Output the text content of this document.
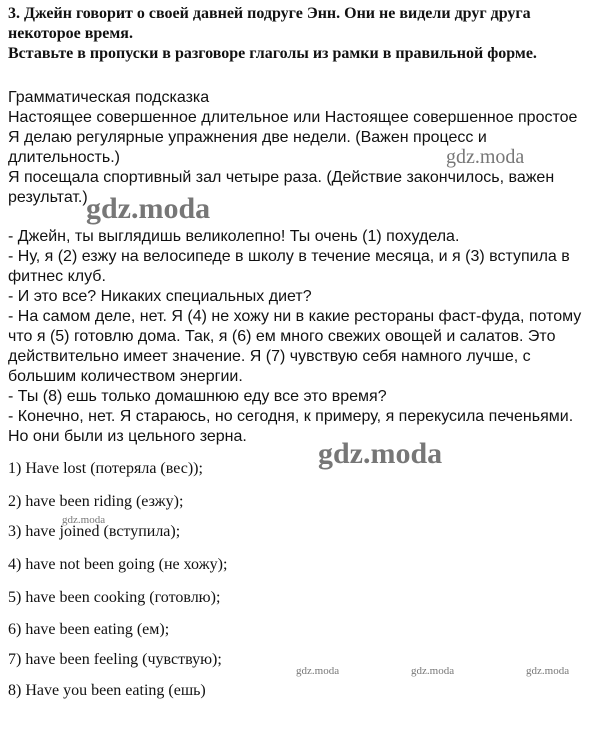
3. Джейн говорит о своей давней подруге Энн. Они не видели друг друга
некоторое время.
Вставьте в пропуски в разговоре глаголы из рамки в правильной форме.
Грамматическая подсказка
Настоящее совершенное длительное или Настоящее совершенное простое
Я делаю регулярные упражнения две недели. (Важен процесс и
длительность.)
Я посещала спортивный зал четыре раза. (Действие закончилось, важен
результат.)
- Джейн, ты выглядишь великолепно! Ты очень (1) похудела.
- Ну, я (2) езжу на велосипеде в школу в течение месяца, и я (3) вступила в
фитнес клуб.
- И это все? Никаких специальных диет?
- На самом деле, нет. Я (4) не хожу ни в какие рестораны фаст-фуда, потому
что я (5) готовлю дома. Так, я (6) ем много свежих овощей и салатов. Это
действительно имеет значение. Я (7) чувствую себя намного лучше, с
большим количеством энергии.
- Ты (8) ешь только домашнюю еду все это время?
- Конечно, нет. Я стараюсь, но сегодня, к примеру, я перекусила печеньями.
Но они были из цельного зерна.
1) Have lost (потеряла (вес));
2) have been riding (езжу);
3) have joined (вступила);
4) have not been going (не хожу);
5) have been cooking (готовлю);
6) have been eating (ем);
7) have been feeling (чувствую);
8) Have you been eating (ешь)
gdz.moda
gdz.moda
gdz.moda
gdz.moda
gdz.moda	gdz.moda	gdz.moda
